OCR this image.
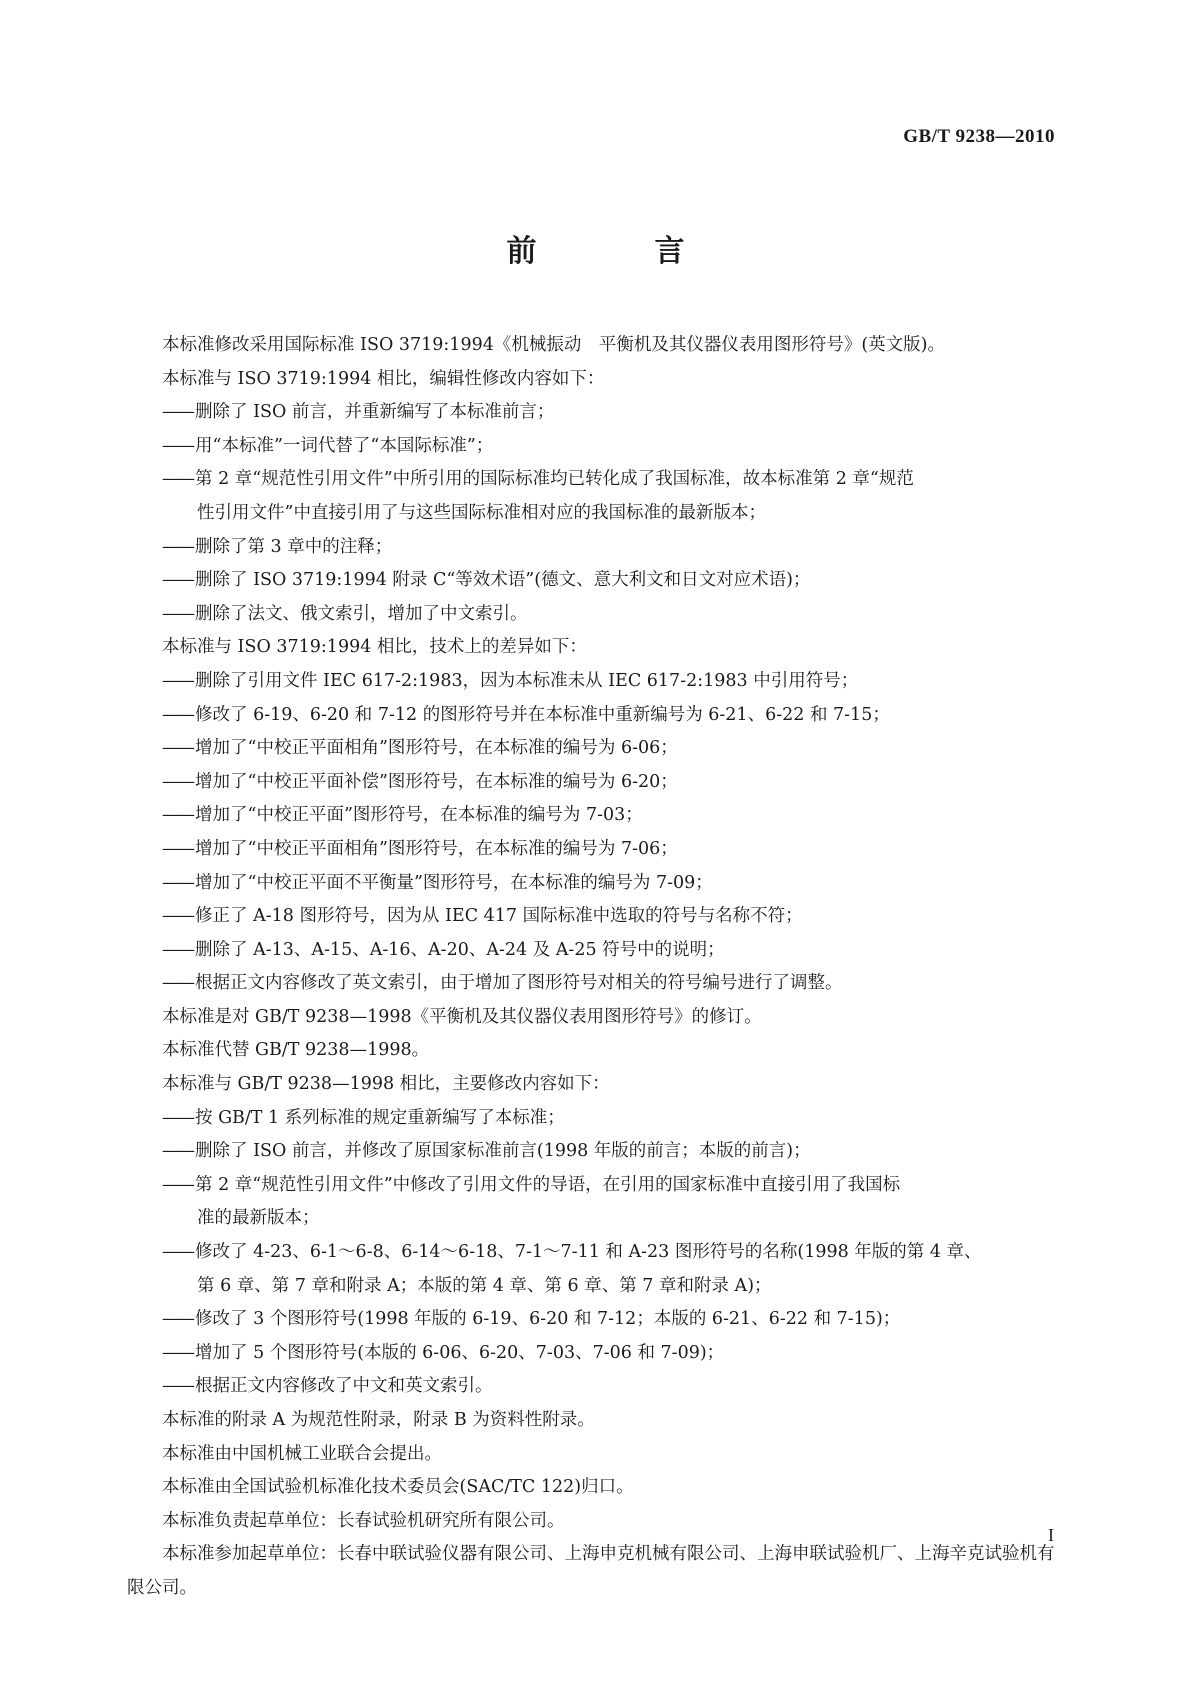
GB/T 9238—2010

前　言

本标准修改采用国际标准 ISO 3719:1994《机械振动　平衡机及其仪器仪表用图形符号》(英文版)。

本标准与 ISO 3719:1994 相比，编辑性修改内容如下：

—— 删除了 ISO 前言，并重新编写了本标准前言；

—— 用“本标准”一词代替了“本国际标准”；

—— 第 2 章“规范性引用文件”中所引用的国际标准均已转化成了我国标准，故本标准第 2 章“规范

性引用文件”中直接引用了与这些国际标准相对应的我国标准的最新版本；

—— 删除了第 3 章中的注释；

—— 删除了 ISO 3719:1994 附录 C“等效术语”(德文、意大利文和日文对应术语)；

—— 删除了法文、俄文索引，增加了中文索引。

本标准与 ISO 3719:1994 相比，技术上的差异如下：

—— 删除了引用文件 IEC 617-2:1983，因为本标准未从 IEC 617-2:1983 中引用符号；

—— 修改了 6-19、6-20 和 7-12 的图形符号并在本标准中重新编号为 6-21、6-22 和 7-15；

—— 增加了“中校正平面相角”图形符号，在本标准的编号为 6-06；

—— 增加了“中校正平面补偿”图形符号，在本标准的编号为 6-20；

—— 增加了“中校正平面”图形符号，在本标准的编号为 7-03；

—— 增加了“中校正平面相角”图形符号，在本标准的编号为 7-06；

—— 增加了“中校正平面不平衡量”图形符号，在本标准的编号为 7-09；

—— 修正了 A-18 图形符号，因为从 IEC 417 国际标准中选取的符号与名称不符；

—— 删除了 A-13、A-15、A-16、A-20、A-24 及 A-25 符号中的说明；

—— 根据正文内容修改了英文索引，由于增加了图形符号对相关的符号编号进行了调整。

本标准是对 GB/T 9238—1998《平衡机及其仪器仪表用图形符号》的修订。

本标准代替 GB/T 9238—1998。

本标准与 GB/T 9238—1998 相比，主要修改内容如下：

—— 按 GB/T 1 系列标准的规定重新编写了本标准；

—— 删除了 ISO 前言，并修改了原国家标准前言(1998 年版的前言；本版的前言)；

—— 第 2 章“规范性引用文件”中修改了引用文件的导语，在引用的国家标准中直接引用了我国标

准的最新版本；

—— 修改了 4-23、6-1～6-8、6-14～6-18、7-1～7-11 和 A-23 图形符号的名称(1998 年版的第 4 章、

第 6 章、第 7 章和附录 A；本版的第 4 章、第 6 章、第 7 章和附录 A)；

—— 修改了 3 个图形符号(1998 年版的 6-19、6-20 和 7-12；本版的 6-21、6-22 和 7-15)；

—— 增加了 5 个图形符号(本版的 6-06、6-20、7-03、7-06 和 7-09)；

—— 根据正文内容修改了中文和英文索引。

本标准的附录 A 为规范性附录，附录 B 为资料性附录。

本标准由中国机械工业联合会提出。

本标准由全国试验机标准化技术委员会(SAC/TC 122)归口。

本标准负责起草单位：长春试验机研究所有限公司。

本标准参加起草单位：长春中联试验仪器有限公司、上海申克机械有限公司、上海申联试验机厂、上海辛克试验机有限公司。

I
